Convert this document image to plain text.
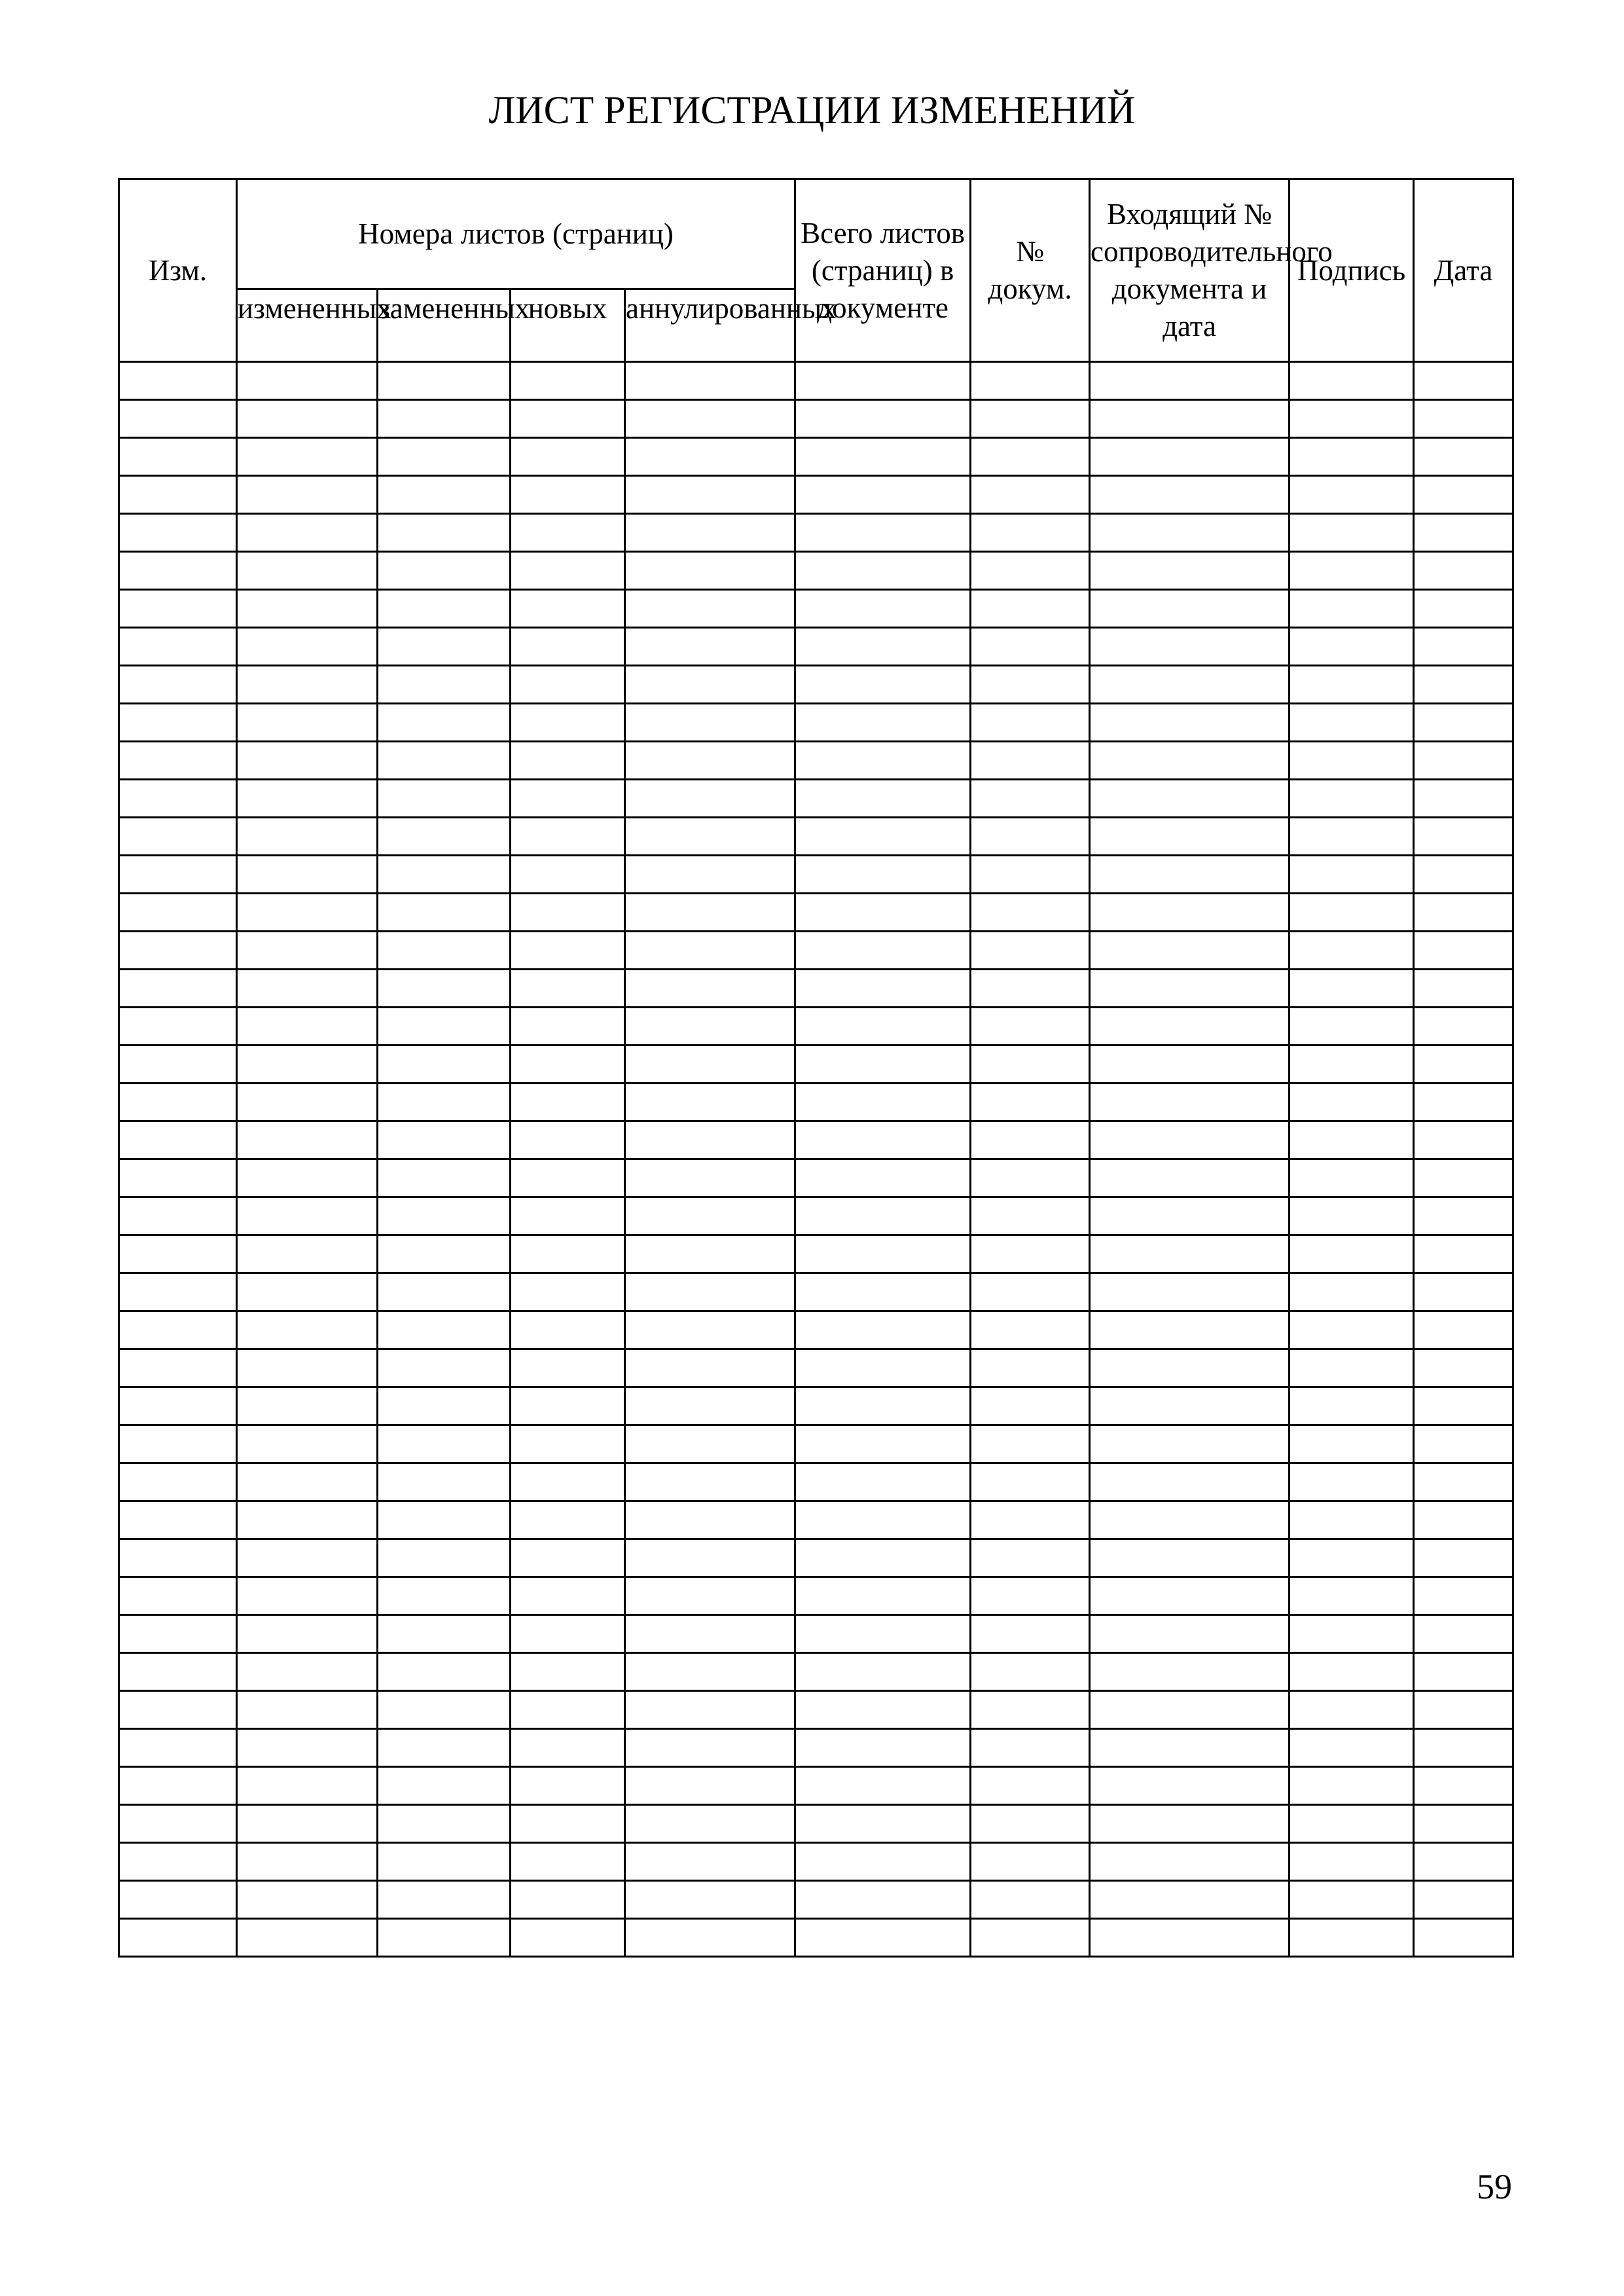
ЛИСТ РЕГИСТРАЦИИ ИЗМЕНЕНИЙ
Изм.	Номера листов (страниц)				Всего листов (страниц) в документе	№ докум.	Входящий № сопроводительного документа и дата	Подпись	Дата
	измененных	замененных	новых	аннулированных					

59
